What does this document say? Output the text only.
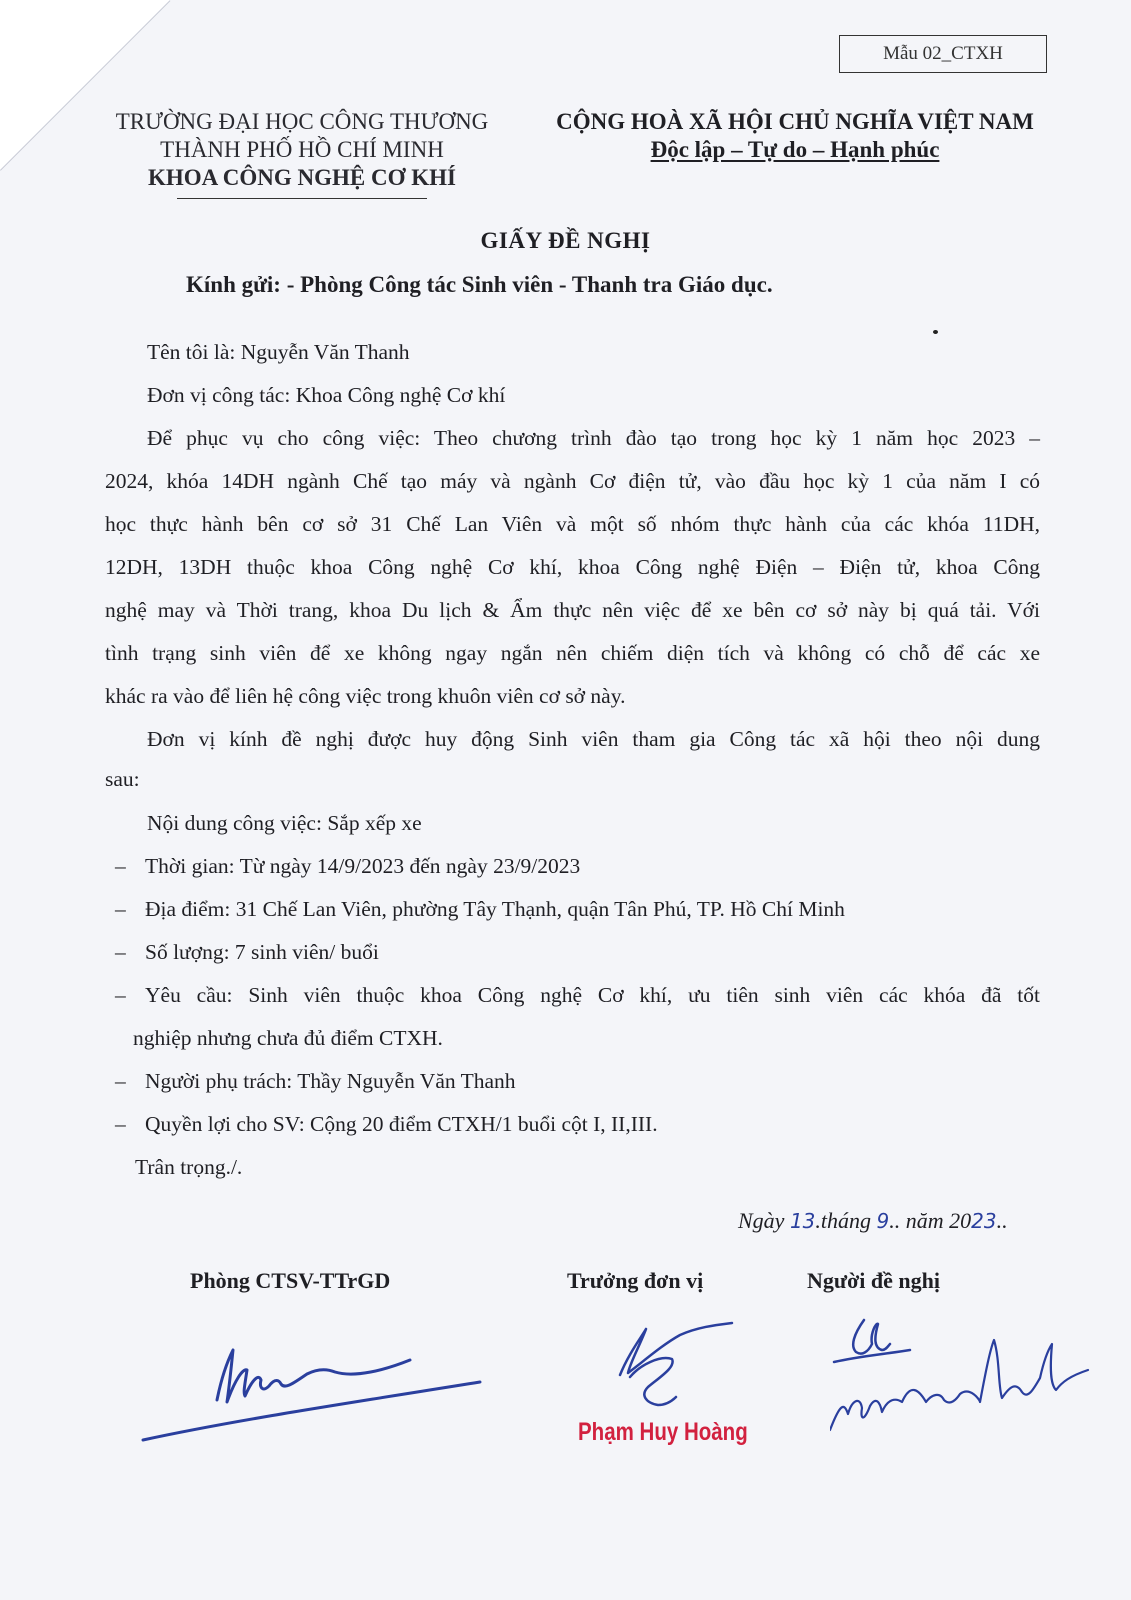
Mẫu 02_CTXH
TRƯỜNG ĐẠI HỌC CÔNG THƯƠNG
THÀNH PHỐ HỒ CHÍ MINH
KHOA CÔNG NGHỆ CƠ KHÍ
CỘNG HOÀ XÃ HỘI CHỦ NGHĨA VIỆT NAM
Độc lập – Tự do – Hạnh phúc
GIẤY ĐỀ NGHỊ
Kính gửi: - Phòng Công tác Sinh viên - Thanh tra Giáo dục.
Tên tôi là: Nguyễn Văn Thanh
Đơn vị công tác: Khoa Công nghệ Cơ khí
Để phục vụ cho công việc: Theo chương trình đào tạo trong học kỳ 1 năm học 2023 –
2024, khóa 14DH ngành Chế tạo máy và ngành Cơ điện tử, vào đầu học kỳ 1 của năm I có
học thực hành bên cơ sở 31 Chế Lan Viên và một số nhóm thực hành của các khóa 11DH,
12DH, 13DH thuộc khoa Công nghệ Cơ khí, khoa Công nghệ Điện – Điện tử, khoa Công
nghệ may và Thời trang, khoa Du lịch & Ẩm thực nên việc để xe bên cơ sở này bị quá tải. Với
tình trạng sinh viên để xe không ngay ngắn nên chiếm diện tích và không có chỗ để các xe
khác ra vào để liên hệ công việc trong khuôn viên cơ sở này.
Đơn vị kính đề nghị được huy động Sinh viên tham gia Công tác xã hội theo nội dung
sau:
Nội dung công việc: Sắp xếp xe
– Thời gian: Từ ngày 14/9/2023 đến ngày 23/9/2023
– Địa điểm: 31 Chế Lan Viên, phường Tây Thạnh, quận Tân Phú, TP. Hồ Chí Minh
– Số lượng: 7 sinh viên/ buổi
– Yêu cầu: Sinh viên thuộc khoa Công nghệ Cơ khí, ưu tiên sinh viên các khóa đã tốt
nghiệp nhưng chưa đủ điểm CTXH.
– Người phụ trách: Thầy Nguyễn Văn Thanh
– Quyền lợi cho SV: Cộng 20 điểm CTXH/1 buổi cột I, II,III.
Trân trọng./.
Ngày 13.tháng 9.. năm 2023..
Phòng CTSV-TTrGD	Trưởng đơn vị	Người đề nghị
Phạm Huy Hoàng
